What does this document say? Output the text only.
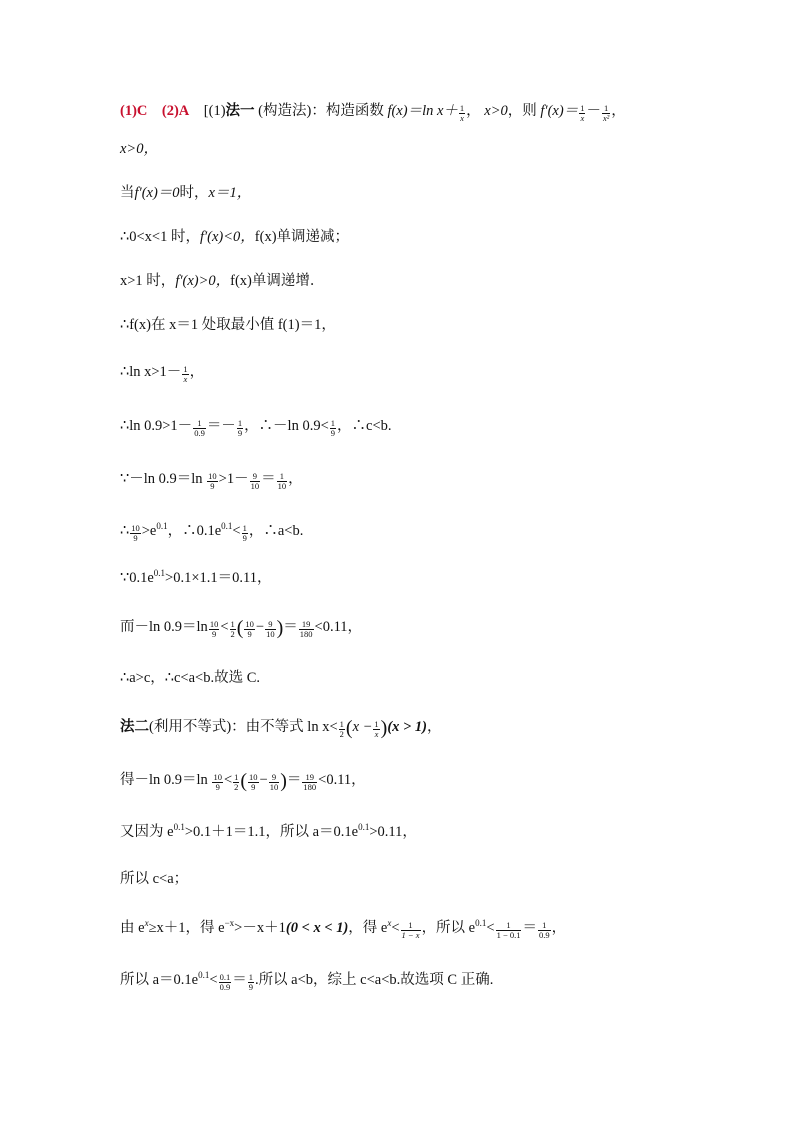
(1)C (2)A [(1)法一 (构造法)：构造函数 f(x)＝ln $x+ \frac{1}{x}$ ， x>0，则 $f'(x)= \frac{1}{x} - \frac{1}{\text{x²}}$ ，
x>0，
当f′(x)＝0时，x＝1，
∴0<x<1 时，f′(x)<0，f(x)单调递减；
x>1 时，f′(x)>0，f(x)单调递增．
∴f(x)在 x＝1 处取最小值 f(1)＝1，
∴ln $x>1- \frac{1}{x}$ ，
∴ln $0.9>1- \frac{1}{0.9} =- \frac{1}{9}$ ，∴－ln $0.9< \frac{1}{9}$ ，∴c<b.
∵－ln $0.9=\ln \frac{10}{9} >1- \frac{9}{10} = \frac{1}{10}$ ，
∴ $\frac{10}{9} >e^{0.1}$，$\therefore 0.1e^{0.1}< \frac{1}{9}$ ，∴a<b.
$\because 0.1e^{0.1}>0.1\times 1.1=0.11$，
而－ln $0.9=\ln \frac{10}{9} < \frac{1}{2}$ ( $\frac{10}{9} - \frac{9}{10}$ )＝ $\frac{19}{180} <0.11$，
∴a>c，∴c<a<b.故选 C.
法二(利用不等式)：由不等式 $\ln x< \frac{1}{2} (x - \frac{1}{x} )(x > 1)$，
得－ln $0.9=\ln \frac{10}{9} < \frac{1}{2}$ ( $\frac{10}{9} - \frac{9}{10}$ )＝ $\frac{19}{180} <0.11$，
又因为 $e^{0.1}>0.1+1=1.1$，所以 $a=0.1e^{0.1}>0.11$，
所以 c<a；
由 $e^x\ge x+1$，得 $e^{-x}>-x+1(0 < x < 1)$，得 $e^x< \frac{1}{1 - x}$ ，所以 $e^{0.1}< \frac{1}{1 - 0.1} = \frac{1}{0.9}$ ，
所以 $a=0.1e^{0.1}< \frac{0.1}{0.9} = \frac{1}{9}$ .所以 a<b，综上 c<a<b.故选项 C 正确.
